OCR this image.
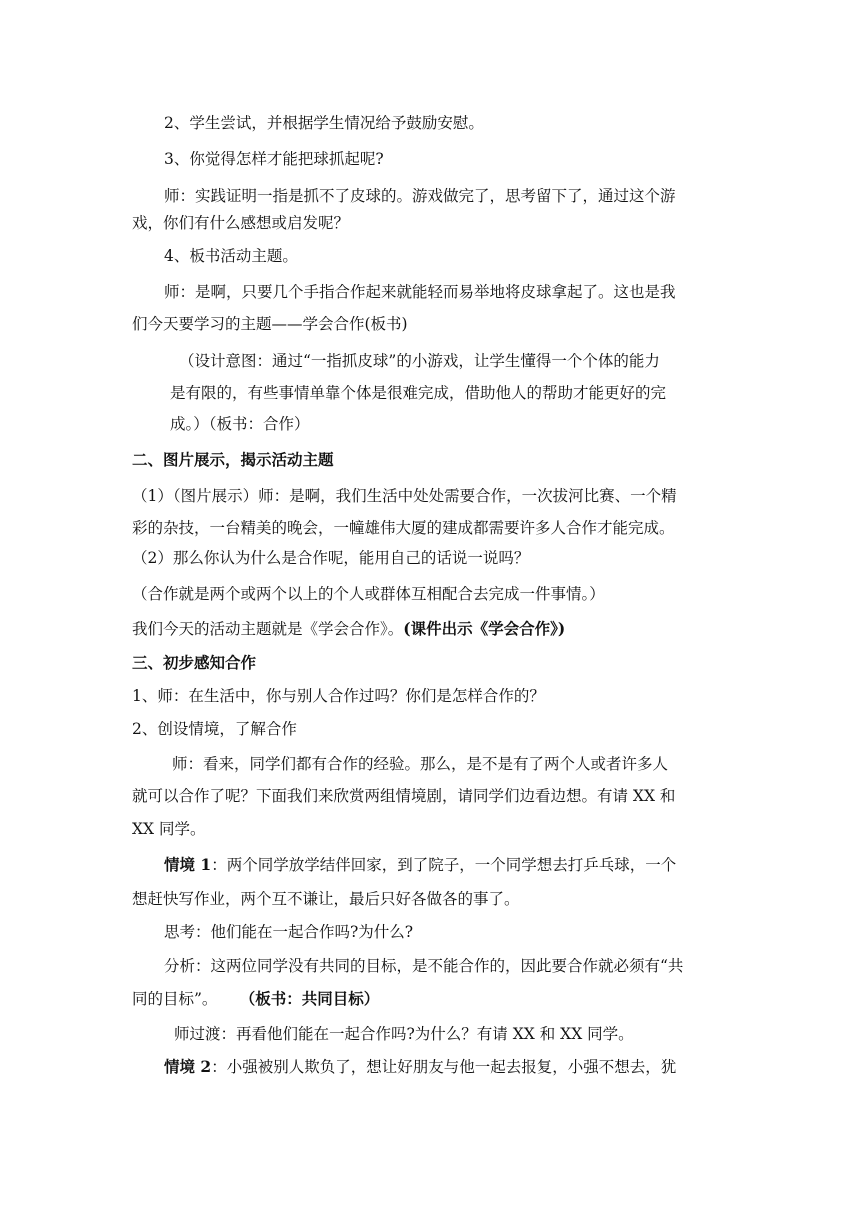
2、学生尝试，并根据学生情况给予鼓励安慰。
3、你觉得怎样才能把球抓起呢?
师：实践证明一指是抓不了皮球的。游戏做完了，思考留下了，通过这个游
戏，你们有什么感想或启发呢？
4、板书活动主题。
师：是啊，只要几个手指合作起来就能轻而易举地将皮球拿起了。这也是我
们今天要学习的主题——学会合作(板书)
（设计意图：通过“一指抓皮球”的小游戏，让学生懂得一个个体的能力
是有限的，有些事情单靠个体是很难完成，借助他人的帮助才能更好的完
成。）（板书：合作）
二、图片展示，揭示活动主题
（1）（图片展示）师：是啊，我们生活中处处需要合作，一次拔河比赛、一个精
彩的杂技，一台精美的晚会，一幢雄伟大厦的建成都需要许多人合作才能完成。
（2）那么你认为什么是合作呢，能用自己的话说一说吗？
（合作就是两个或两个以上的个人或群体互相配合去完成一件事情。）
我们今天的活动主题就是《学会合作》。(课件出示《学会合作》)
三、初步感知合作
1、师：在生活中，你与别人合作过吗？你们是怎样合作的？
2、创设情境，了解合作
师：看来，同学们都有合作的经验。那么，是不是有了两个人或者许多人
就可以合作了呢？下面我们来欣赏两组情境剧，请同学们边看边想。有请 XX 和
XX 同学。
情境 1：两个同学放学结伴回家，到了院子，一个同学想去打乒乓球，一个
想赶快写作业，两个互不谦让，最后只好各做各的事了。
思考：他们能在一起合作吗?为什么?
分析：这两位同学没有共同的目标，是不能合作的，因此要合作就必须有“共
同的目标”。 （板书：共同目标）
师过渡：再看他们能在一起合作吗?为什么？有请 XX 和 XX 同学。
情境 2：小强被别人欺负了，想让好朋友与他一起去报复，小强不想去，犹
